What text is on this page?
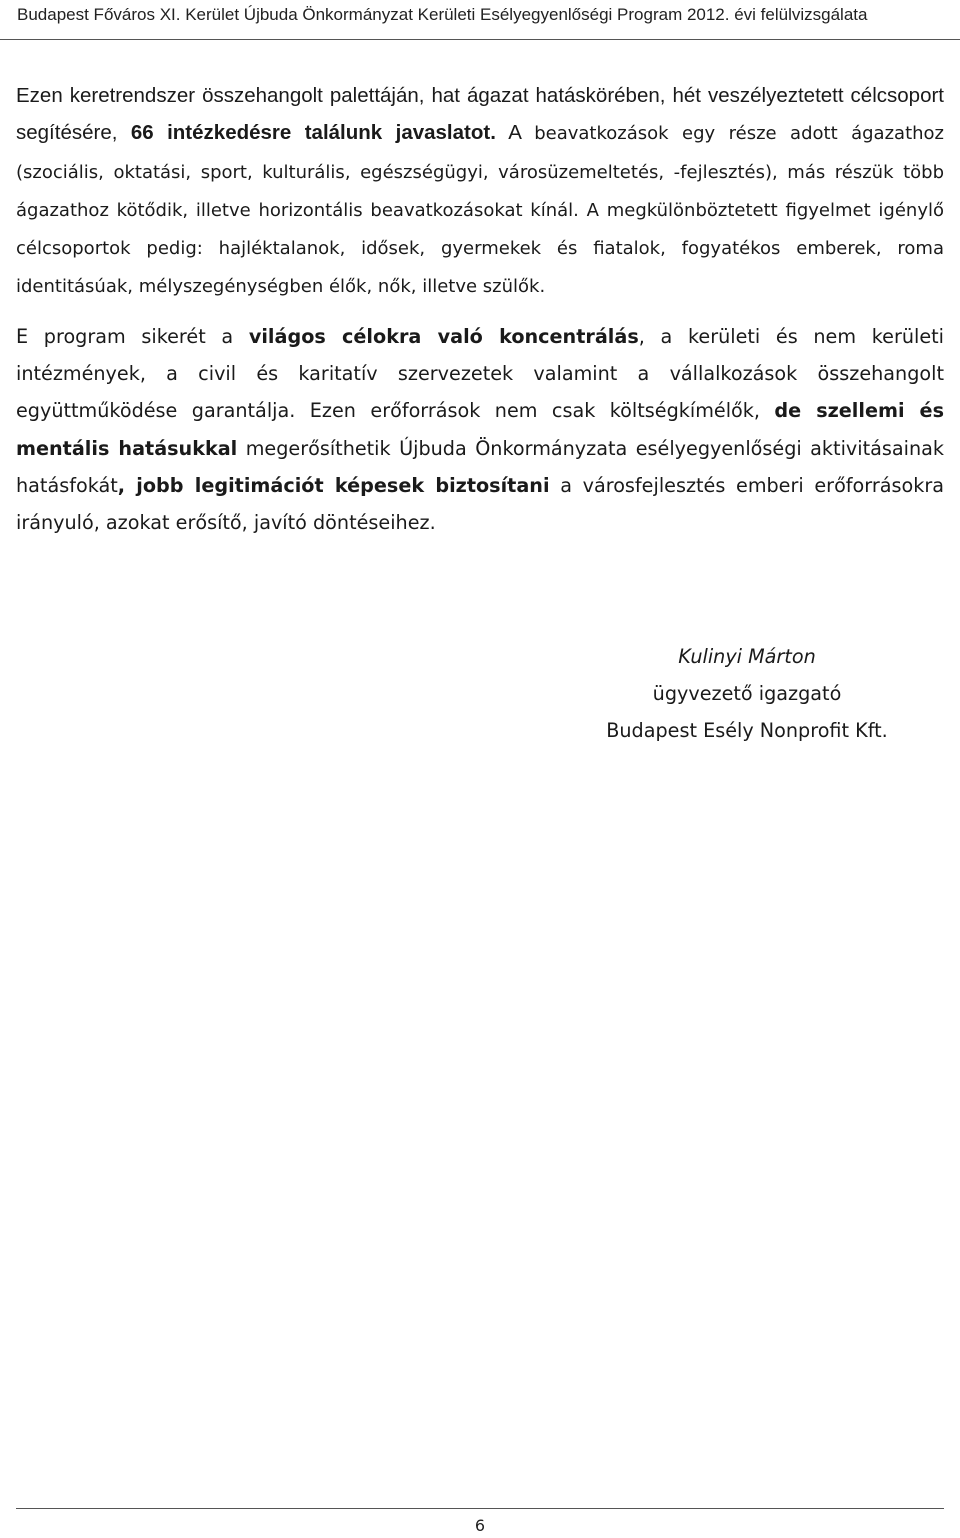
Budapest Főváros XI. Kerület Újbuda Önkormányzat Kerületi Esélyegyenlőségi Program 2012. évi felülvizsgálata

Ezen keretrendszer összehangolt palettáján, hat ágazat hatáskörében, hét veszélyeztetett célcsoport segítésére, 66 intézkedésre találunk javaslatot. A beavatkozások egy része adott ágazathoz (szociális, oktatási, sport, kulturális, egészségügyi, városüzemeltetés, -fejlesztés), más részük több ágazathoz kötődik, illetve horizontális beavatkozásokat kínál. A megkülönböztetett figyelmet igénylő célcsoportok pedig: hajléktalanok, idősek, gyermekek és fiatalok, fogyatékos emberek, roma identitásúak, mélyszegénységben élők, nők, illetve szülők.

E program sikerét a világos célokra való koncentrálás, a kerületi és nem kerületi intézmények, a civil és karitatív szervezetek valamint a vállalkozások összehangolt együttműködése garantálja. Ezen erőforrások nem csak költségkímélők, de szellemi és mentális hatásukkal megerősíthetik Újbuda Önkormányzata esélyegyenlőségi aktivitásainak hatásfokát, jobb legitimációt képesek biztosítani a városfejlesztés emberi erőforrásokra irányuló, azokat erősítő, javító döntéseihez.

Kulinyi Márton
ügyvezető igazgató
Budapest Esély Nonprofit Kft.
6
